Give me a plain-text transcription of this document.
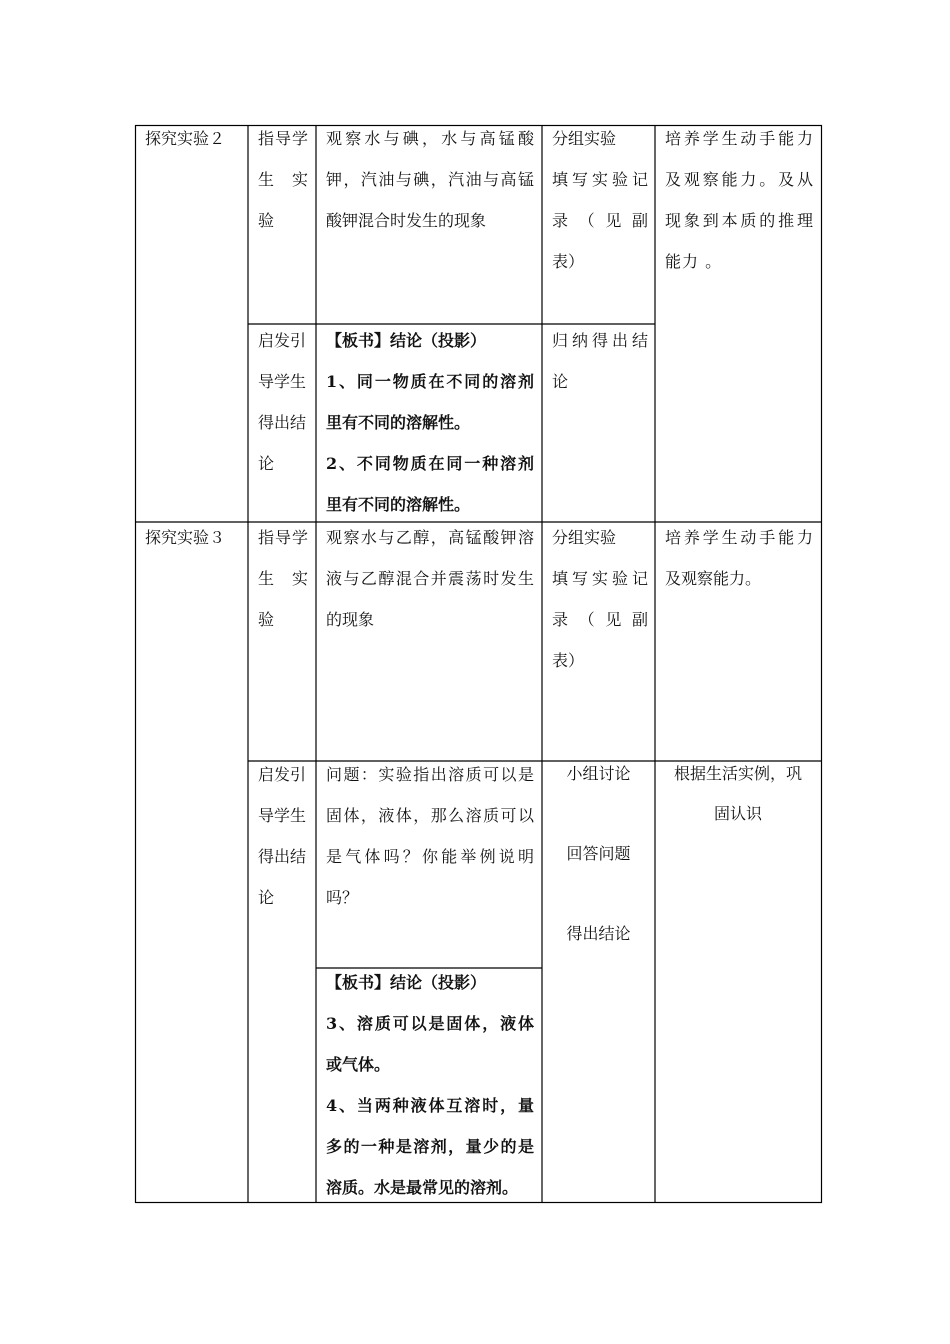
探究实验２ 指导学

生　实

验

观察水与碘，水与高锰酸

钾，汽油与碘，汽油与高锰

酸钾混合时发生的现象

分组实验

填写实验记

录（见副

表）

培养学生动手能力

及观察能力。及从

现象到本质的推理

能力 。

启发引

导学生

得出结

论

【板书】结论（投影）

1、同一物质在不同的溶剂

里有不同的溶解性。

2、不同物质在同一种溶剂

里有不同的溶解性。

归纳得出结

论

探究实验３ 指导学

生　实

验

观察水与乙醇，高锰酸钾溶

液与乙醇混合并震荡时发生

的现象

分组实验

填写实验记

录（见副

表）

培养学生动手能力

及观察能力。

启发引

导学生

得出结

论

问题：实验指出溶质可以是

固体，液体，那么溶质可以

是气体吗？你能举例说明

吗？

【板书】结论（投影）

3、溶质可以是固体，液体

或气体。

4、当两种液体互溶时，量

多的一种是溶剂，量少的是

溶质。水是最常见的溶剂。

小组讨论

回答问题

得出结论

根据生活实例，巩

固认识
